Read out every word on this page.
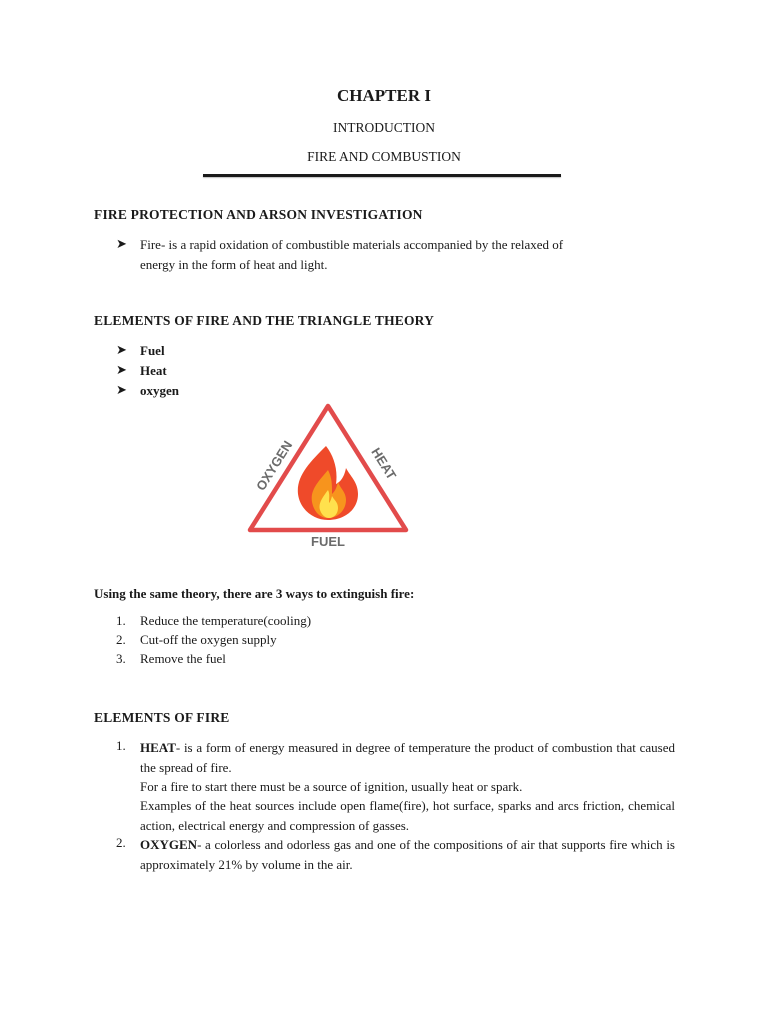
CHAPTER I
INTRODUCTION
FIRE AND COMBUSTION
FIRE PROTECTION AND ARSON INVESTIGATION
➤ Fire- is a rapid oxidation of combustible materials accompanied by the relaxed of
energy in the form of heat and light.
ELEMENTS OF FIRE AND THE TRIANGLE THEORY
➤ Fuel
➤ Heat
➤ oxygen
OXYGEN	HEAT
FUEL
Using the same theory, there are 3 ways to extinguish fire:
1. Reduce the temperature(cooling)
2. Cut-off the oxygen supply
3. Remove the fuel
ELEMENTS OF FIRE
1. HEAT- is a form of energy measured in degree of temperature the product of combustion that caused the spread of fire.
For a fire to start there must be a source of ignition, usually heat or spark.
Examples of the heat sources include open flame(fire), hot surface, sparks and arcs friction, chemical action, electrical energy and compression of gasses.
2. OXYGEN- a colorless and odorless gas and one of the compositions of air that supports fire which is approximately 21% by volume in the air.
